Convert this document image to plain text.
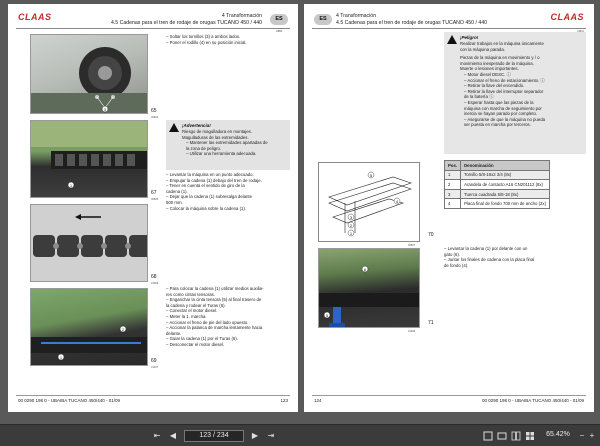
CLAAS	4 Transformación
4.5 Cadenas para el tren de rodaje de orugas TUCANO 450 / 440
ES
HB01
3	65
30823
– Soltar los tornillos (3) a ambos lados.
– Poner el rodillo (4) en su posición inicial.
1
67
30825
¡Advertencia!
Riesgo de magulladura en montajes.
Magulladuras de las extremidades.
– Mantener las extremidades apartadas de
la zona de peligro.
– Utilizar una herramienta adecuada.
– Levantar la máquina en un punto adecuado.
– Empujar la cadena (1) debajo del tren de rodaje.
– Tener en cuenta el sentido de giro de la
cadena (1).
– Dejar que la cadena (1) sobresalga delante
500 mm.
– Colocar la máquina sobre la cadena (1).
68
24009
1
2
69
31107
– Para colocar la cadena (1) utilizar medios auxilia-
res como cintas tensoras.
– Enganchar la cinta tensora (5) al final trasero de
la cadena y rodear el Turas (6).
– Conectar el motor diesel.
– Meter la 1. marcha.
– Accionar el freno de pie del lado opuesto.
– Accionar la palanca de marcha lentamente hacia
delante.
– Guiar la cadena (1) por el Turas (6).
– Desconectar el motor diesel.
00 0290 198 0 - UBAIBA TUCANO 450/440 - 01/09	123
ES	4 Transformación
4.5 Cadenas para el tren de rodaje de orugas TUCANO 450 / 440
CLAAS
¡Peligro!
Realizar trabajos en la máquina únicamente
con la máquina parada.
Piezas de la máquina en movimiento y / o
movimiento inesperado de la máquina.
Muerte o lesiones importantes.
– Motor diesel DESC. ⓘ
– Accionar el freno de estacionamiento. ⓘ
– Retirar la llave del encendido.
– Retirar la llave del interruptor separador
de la batería ⓘ
– Esperar hasta que las piezas de la
máquina con marcha de seguimiento por
inercia se hayan parado por completo.
– Asegurarse de que la máquina no pueda
ser puesta en marcha por terceros.
5
4
3
2
1	70
30827
Pos.	Denominación
1	Tornillo 5/8-18x2 3/4 (8x)
2	Arandela de contacto A16 CN201112 (8x)
3	Tuerca cuadrada 5/8-18 (8x)
4	Placa final de fondo 700 mm de ancho (2x)
6
5
71
31093
– Levantar la cadena (1) por delante con un
gato (6).
– Juntar los finales de cadena con la placa final
de fondo (4).
124	00 0290 198 0 - UBAIBA TUCANO 450/440 - 01/09
⇤	◀	123 / 234	▶	⇥	65.42%	− +
